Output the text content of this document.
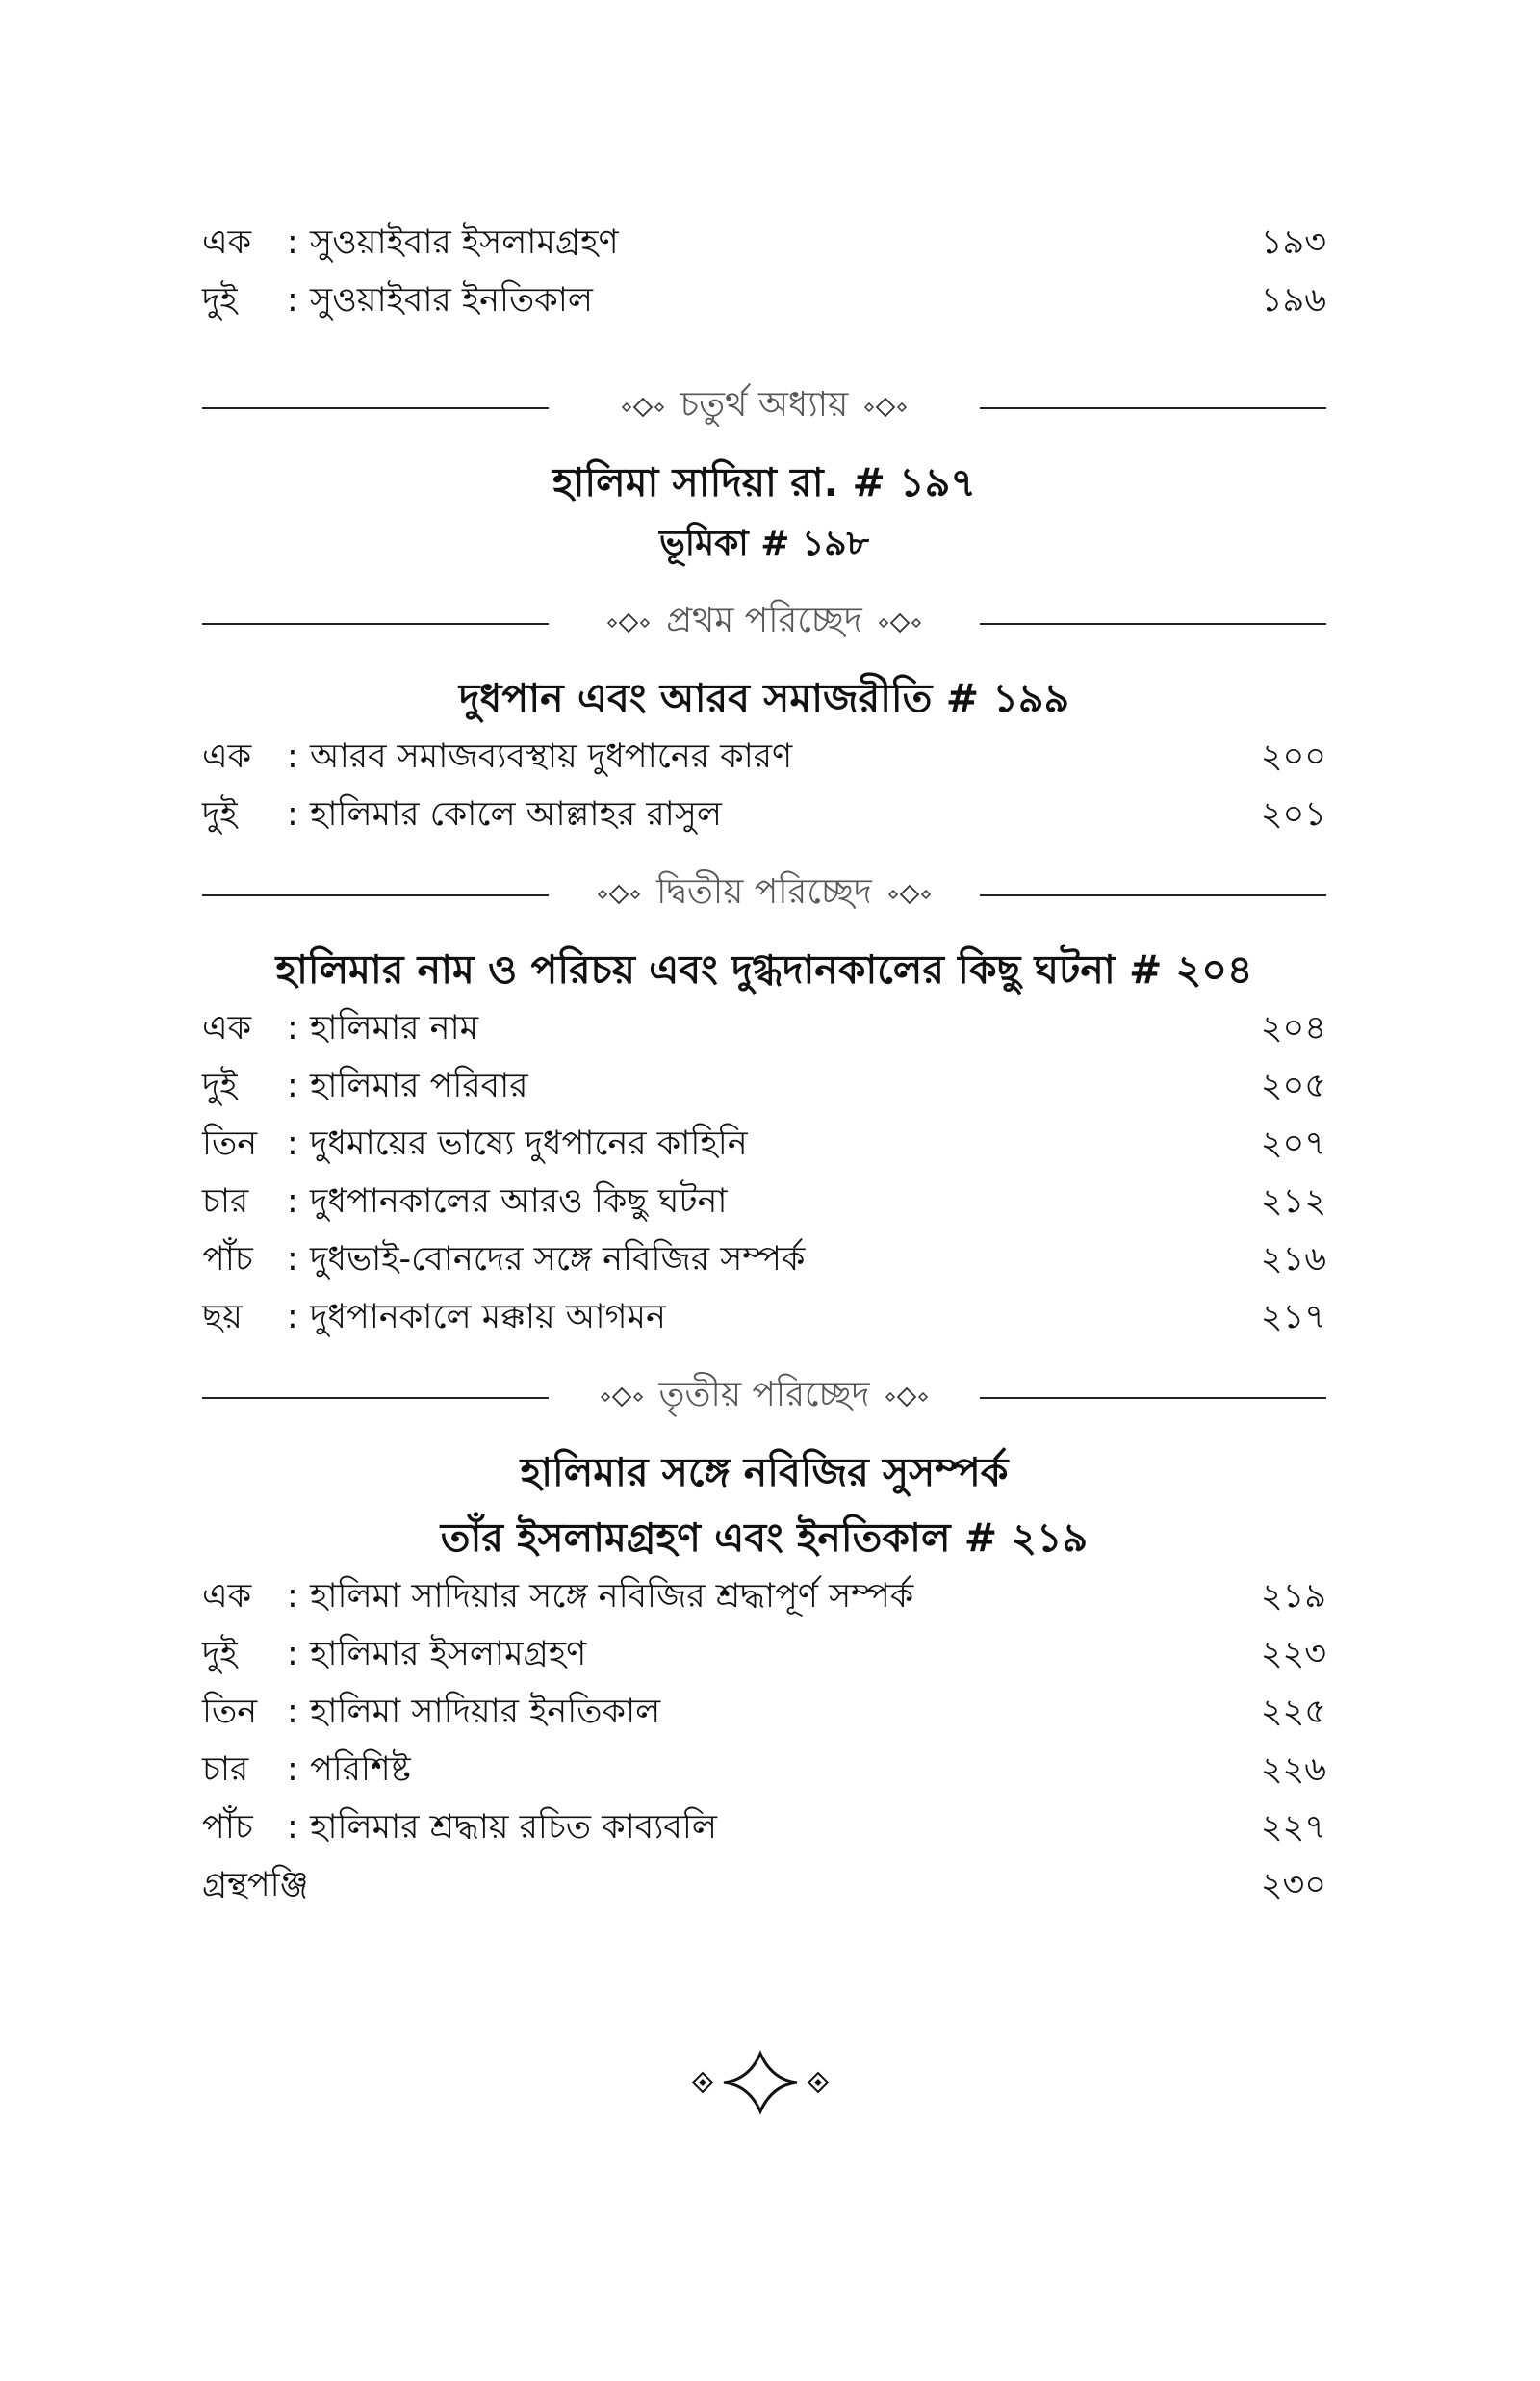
এক : সুওয়াইবার ইসলামগ্রহণ	১৯৩
দুই : সুওয়াইবার ইনতিকাল	১৯৬
চতুর্থ অধ্যায়
হালিমা সাদিয়া রা. # ১৯৭
ভূমিকা # ১৯৮
প্রথম পরিচ্ছেদ
দুধপান এবং আরব সমাজরীতি # ১৯৯
এক : আরব সমাজব্যবস্থায় দুধপানের কারণ	২০০
দুই : হালিমার কোলে আল্লাহর রাসুল	২০১
দ্বিতীয় পরিচ্ছেদ
হালিমার নাম ও পরিচয় এবং দুগ্ধদানকালের কিছু ঘটনা # ২০৪
এক : হালিমার নাম	২০৪
দুই : হালিমার পরিবার	২০৫
তিন : দুধমায়ের ভাষ্যে দুধপানের কাহিনি	২০৭
চার : দুধপানকালের আরও কিছু ঘটনা	২১২
পাঁচ : দুধভাই-বোনদের সঙ্গে নবিজির সম্পর্ক	২১৬
ছয় : দুধপানকালে মক্কায় আগমন	২১৭
তৃতীয় পরিচ্ছেদ
হালিমার সঙ্গে নবিজির সুসম্পর্ক
তাঁর ইসলামগ্রহণ এবং ইনতিকাল # ২১৯
এক : হালিমা সাদিয়ার সঙ্গে নবিজির শ্রদ্ধাপূর্ণ সম্পর্ক	২১৯
দুই : হালিমার ইসলামগ্রহণ	২২৩
তিন : হালিমা সাদিয়ার ইনতিকাল	২২৫
চার : পরিশিষ্ট	২২৬
পাঁচ : হালিমার শ্রদ্ধায় রচিত কাব্যবলি	২২৭
গ্রন্থপঞ্জি	২৩০
